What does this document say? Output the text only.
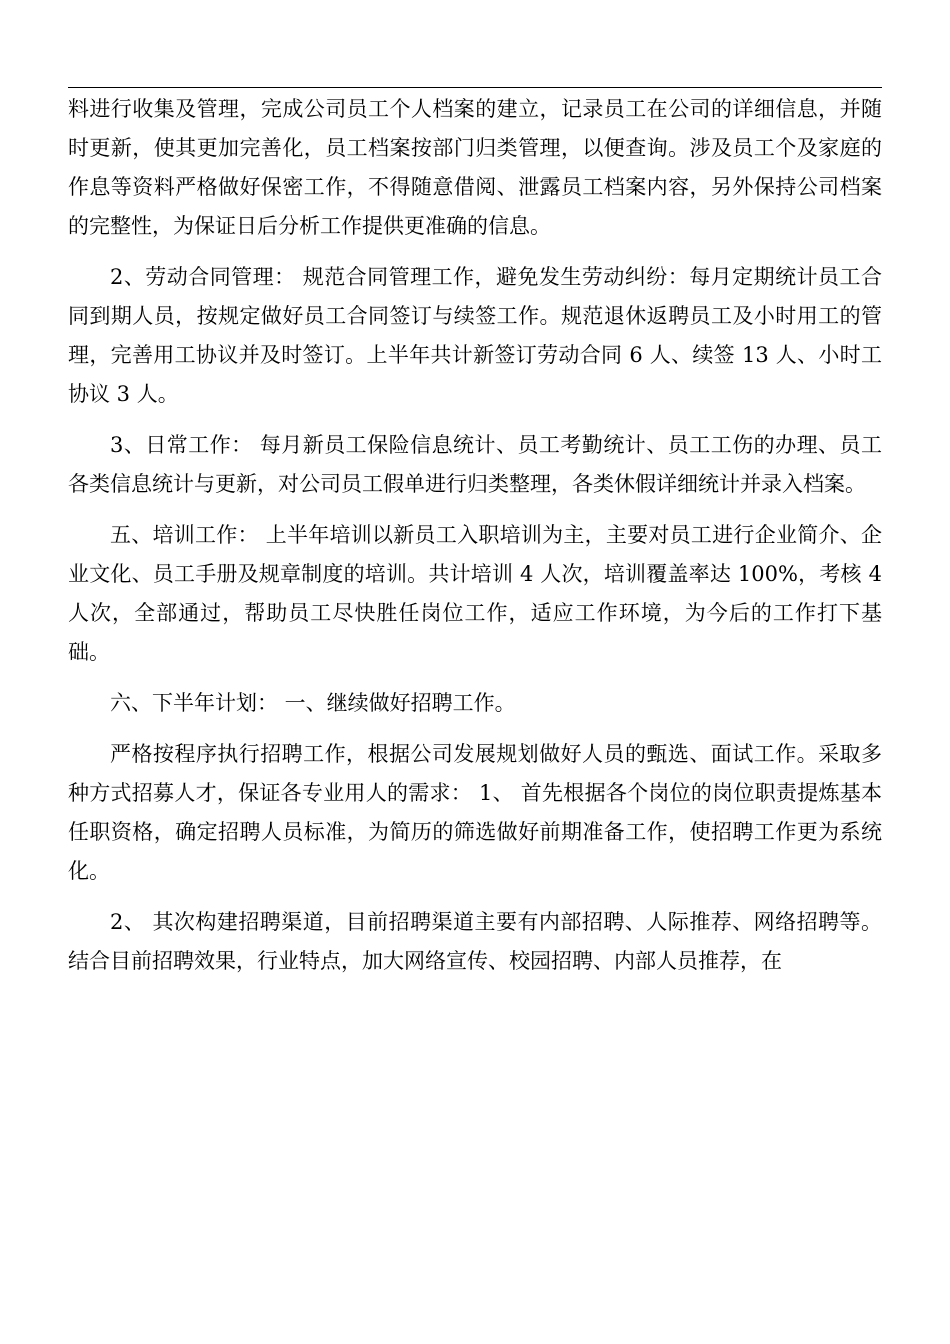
料进行收集及管理，完成公司员工个人档案的建立，记录员工在公司的详细信息，并随时更新，使其更加完善化，员工档案按部门归类管理，以便查询。涉及员工个及家庭的作息等资料严格做好保密工作，不得随意借阅、泄露员工档案内容，另外保持公司档案的完整性，为保证日后分析工作提供更准确的信息。

2、劳动合同管理： 规范合同管理工作，避免发生劳动纠纷：每月定期统计员工合同到期人员，按规定做好员工合同签订与续签工作。规范退休返聘员工及小时用工的管理，完善用工协议并及时签订。上半年共计新签订劳动合同 6 人、续签 13 人、小时工协议 3 人。

3、日常工作： 每月新员工保险信息统计、员工考勤统计、员工工伤的办理、员工各类信息统计与更新，对公司员工假单进行归类整理，各类休假详细统计并录入档案。

五、培训工作： 上半年培训以新员工入职培训为主，主要对员工进行企业简介、企业文化、员工手册及规章制度的培训。共计培训 4 人次，培训覆盖率达 100%，考核 4 人次，全部通过，帮助员工尽快胜任岗位工作，适应工作环境，为今后的工作打下基础。

六、下半年计划： 一、继续做好招聘工作。

严格按程序执行招聘工作，根据公司发展规划做好人员的甄选、面试工作。采取多种方式招募人才，保证各专业用人的需求： 1、 首先根据各个岗位的岗位职责提炼基本任职资格，确定招聘人员标准，为简历的筛选做好前期准备工作，使招聘工作更为系统化。

2、 其次构建招聘渠道，目前招聘渠道主要有内部招聘、人际推荐、网络招聘等。结合目前招聘效果，行业特点，加大网络宣传、校园招聘、内部人员推荐，在
